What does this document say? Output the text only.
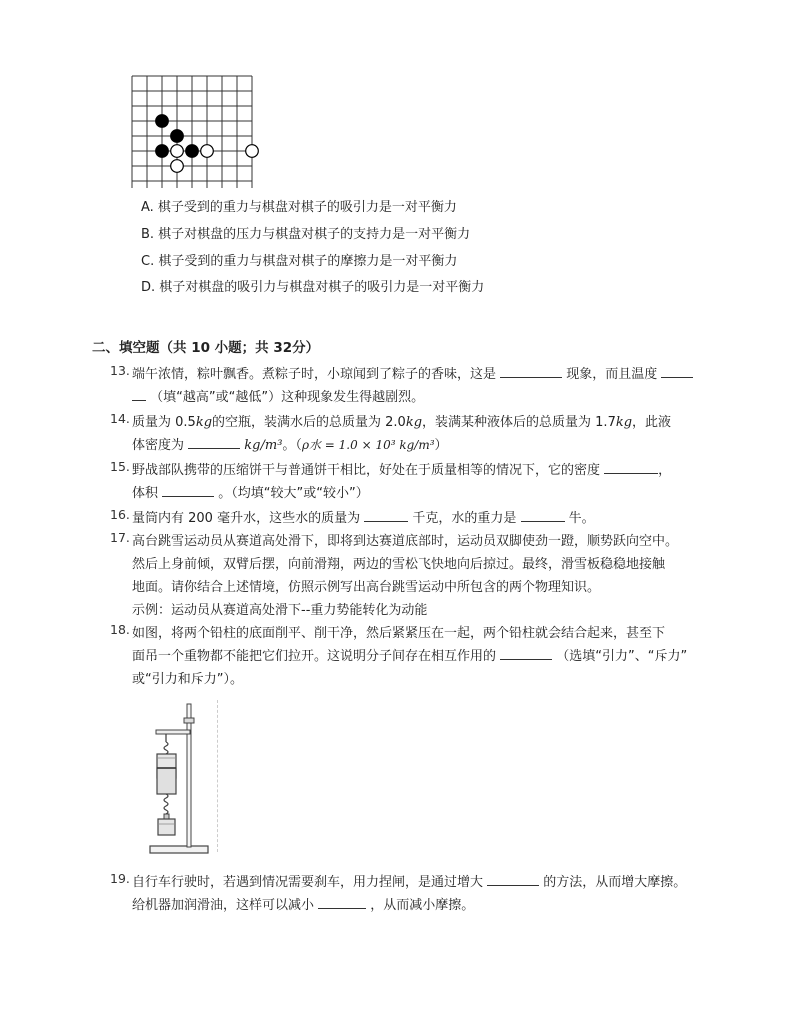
A. 棋子受到的重力与棋盘对棋子的吸引力是一对平衡力
B. 棋子对棋盘的压力与棋盘对棋子的支持力是一对平衡力
C. 棋子受到的重力与棋盘对棋子的摩擦力是一对平衡力
D. 棋子对棋盘的吸引力与棋盘对棋子的吸引力是一对平衡力
二、填空题（共 10 小题；共 32分）
13. 端午浓情，粽叶飘香。煮粽子时，小琼闻到了粽子的香味，这是	现象，而且温度
（填“越高”或“越低”）这种现象发生得越剧烈。
14. 质量为 0.5kg的空瓶，装满水后的总质量为 2.0kg，装满某种液体后的总质量为 1.7kg，此液
体密度为	kg/m³。（ρ水 = 1.0 × 10³ kg/m³）
15. 野战部队携带的压缩饼干与普通饼干相比，好处在于质量相等的情况下，它的密度	，
体积	。（均填“较大”或“较小”）
16. 量筒内有 200 毫升水，这些水的质量为	千克，水的重力是	牛。
17. 高台跳雪运动员从赛道高处滑下，即将到达赛道底部时，运动员双脚使劲一蹬，顺势跃向空中。
然后上身前倾，双臂后摆，向前滑翔，两边的雪松飞快地向后掠过。最终，滑雪板稳稳地接触
地面。请你结合上述情境，仿照示例写出高台跳雪运动中所包含的两个物理知识。
示例：运动员从赛道高处滑下--重力势能转化为动能
18. 如图，将两个铅柱的底面削平、削干净，然后紧紧压在一起，两个铅柱就会结合起来，甚至下
面吊一个重物都不能把它们拉开。这说明分子间存在相互作用的	（选填“引力”、“斥力”
或“引力和斥力”）。
19. 自行车行驶时，若遇到情况需要刹车，用力捏闸，是通过增大	的方法，从而增大摩擦。
给机器加润滑油，这样可以减小	，从而减小摩擦。
